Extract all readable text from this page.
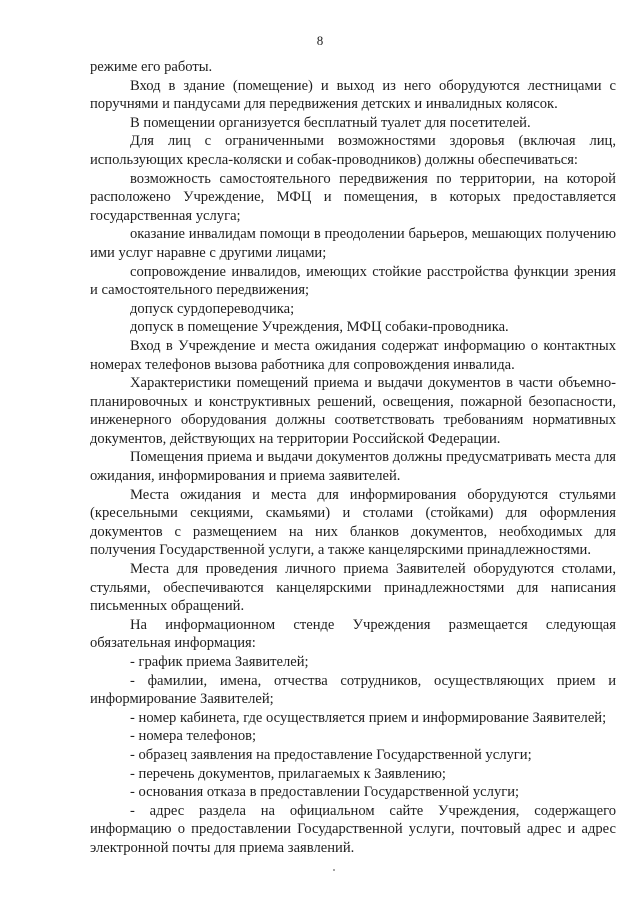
8

режиме его работы.

Вход в здание (помещение) и выход из него оборудуются лестницами с поручнями и пандусами для передвижения детских и инвалидных колясок.

В помещении организуется бесплатный туалет для посетителей.

Для лиц с ограниченными возможностями здоровья (включая лиц, использующих кресла-коляски и собак-проводников) должны обеспечиваться:

возможность самостоятельного передвижения по территории, на которой расположено Учреждение, МФЦ и помещения, в которых предоставляется государственная услуга;

оказание инвалидам помощи в преодолении барьеров, мешающих получению ими услуг наравне с другими лицами;

сопровождение инвалидов, имеющих стойкие расстройства функции зрения и самостоятельного передвижения;

допуск сурдопереводчика;

допуск в помещение Учреждения, МФЦ собаки-проводника.

Вход в Учреждение и места ожидания содержат информацию о контактных номерах телефонов вызова работника для сопровождения инвалида.

Характеристики помещений приема и выдачи документов в части объемно-планировочных и конструктивных решений, освещения, пожарной безопасности, инженерного оборудования должны соответствовать требованиям нормативных документов, действующих на территории Российской Федерации.

Помещения приема и выдачи документов должны предусматривать места для ожидания, информирования и приема заявителей.

Места ожидания и места для информирования оборудуются стульями (кресельными секциями, скамьями) и столами (стойками) для оформления документов с размещением на них бланков документов, необходимых для получения Государственной услуги, а также канцелярскими принадлежностями.

Места для проведения личного приема Заявителей оборудуются столами, стульями, обеспечиваются канцелярскими принадлежностями для написания письменных обращений.

На информационном стенде Учреждения размещается следующая обязательная информация:

- график приема Заявителей;

- фамилии, имена, отчества сотрудников, осуществляющих прием и информирование Заявителей;

- номер кабинета, где осуществляется прием и информирование Заявителей;

- номера телефонов;

- образец заявления на предоставление Государственной услуги;

- перечень документов, прилагаемых к Заявлению;

- основания отказа в предоставлении Государственной услуги;

- адрес раздела на официальном сайте Учреждения, содержащего информацию о предоставлении Государственной услуги, почтовый адрес и адрес электронной почты для приема заявлений.
